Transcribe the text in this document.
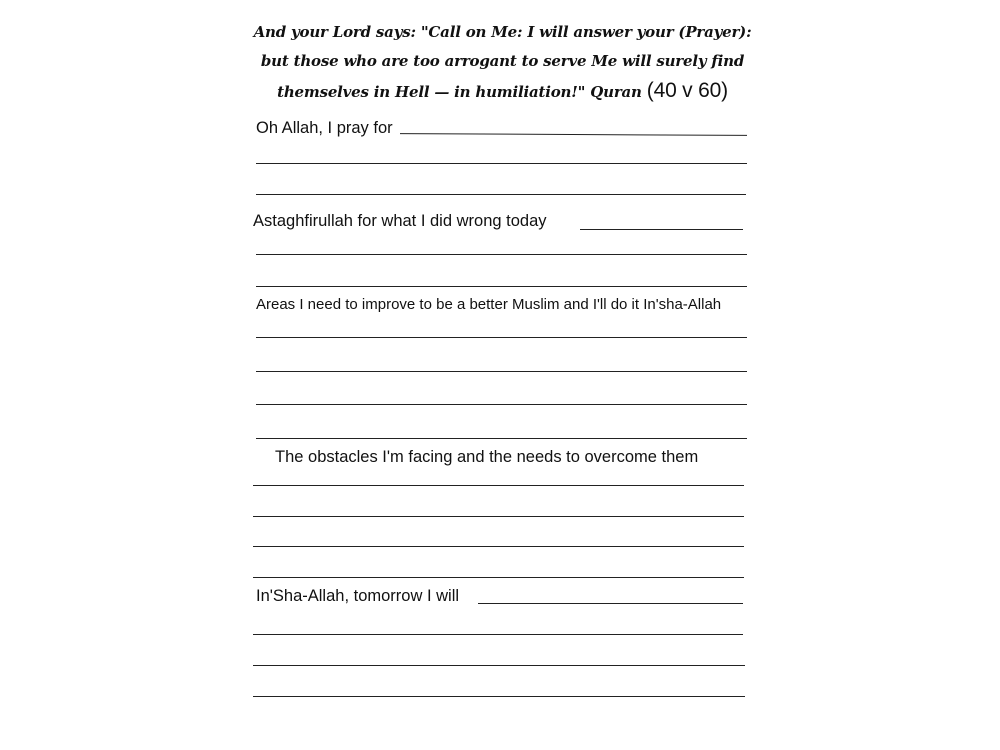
And your Lord says: "Call on Me: I will answer your (Prayer): but those who are too arrogant to serve Me will surely find themselves in Hell — in humiliation!" Quran (40 v 60)
Oh Allah, I pray for
Astaghfirullah for what I did wrong today
Areas I need to improve to be a better Muslim and I'll do it In'sha-Allah
The obstacles I'm facing and the needs to overcome them
In'Sha-Allah, tomorrow I will
